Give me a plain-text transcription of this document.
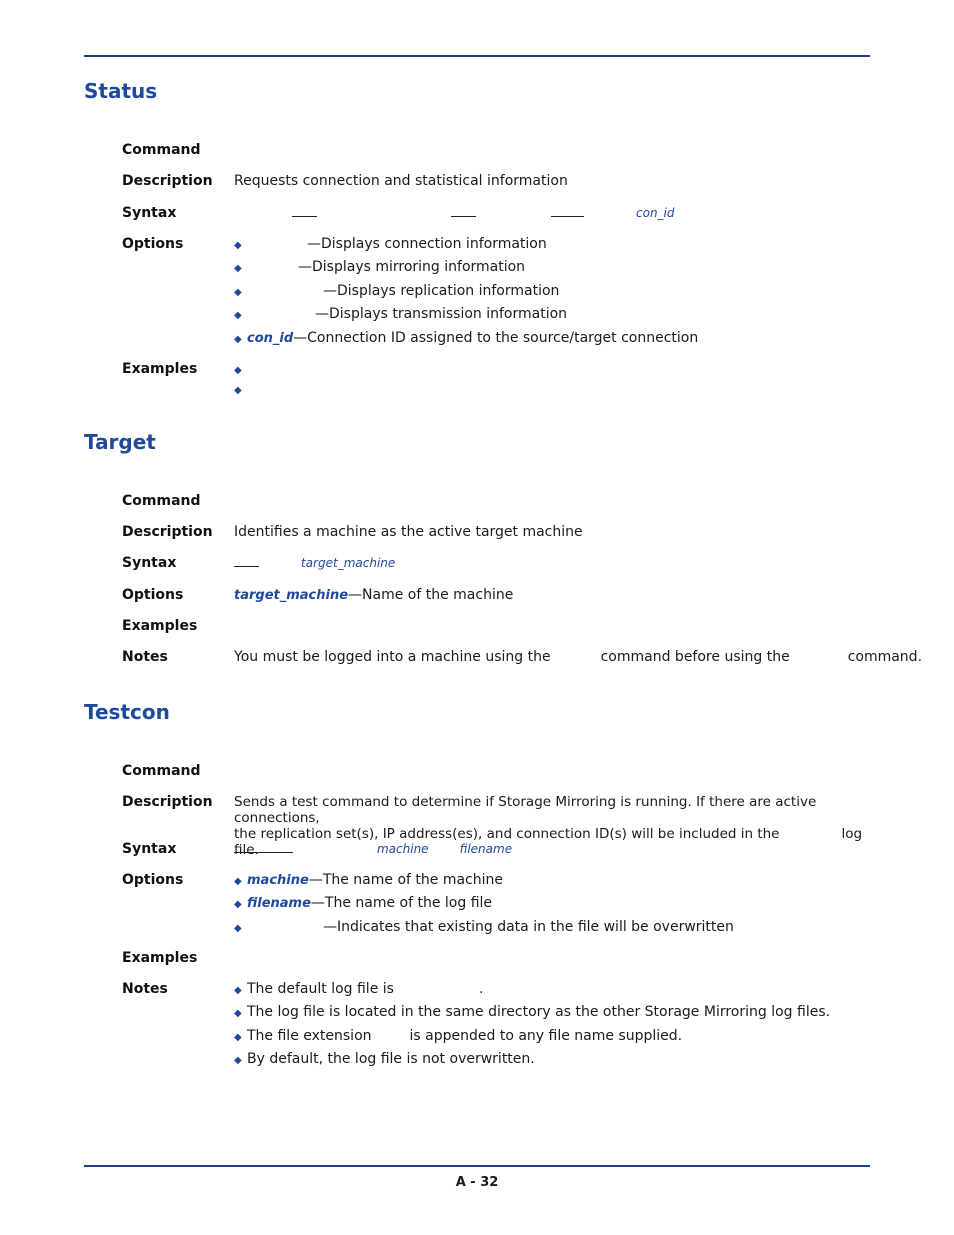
Status
Command
Description	Requests connection and statistical information
Syntax	con_id
Options	◆	—Displays connection information
◆	—Displays mirroring information
◆	—Displays replication information
◆	—Displays transmission information
◆ con_id—Connection ID assigned to the source/target connection
Examples	◆
◆
Target
Command
Description	Identifies a machine as the active target machine
Syntax	target_machine
Options	target_machine—Name of the machine
Examples
Notes	You must be logged into a machine using the	command before using the	command.
Testcon
Command
Description	Sends a test command to determine if Storage Mirroring is running. If there are active connections,
the replication set(s), IP address(es), and connection ID(s) will be included in the	log file.
Syntax	machine	filename
Options	◆ machine—The name of the machine
◆ filename—The name of the log file
◆	—Indicates that existing data in the file will be overwritten
Examples
Notes	◆ The default log file is	.
◆ The log file is located in the same directory as the other Storage Mirroring log files.
◆ The file extension	is appended to any file name supplied.
◆ By default, the log file is not overwritten.
A - 32
